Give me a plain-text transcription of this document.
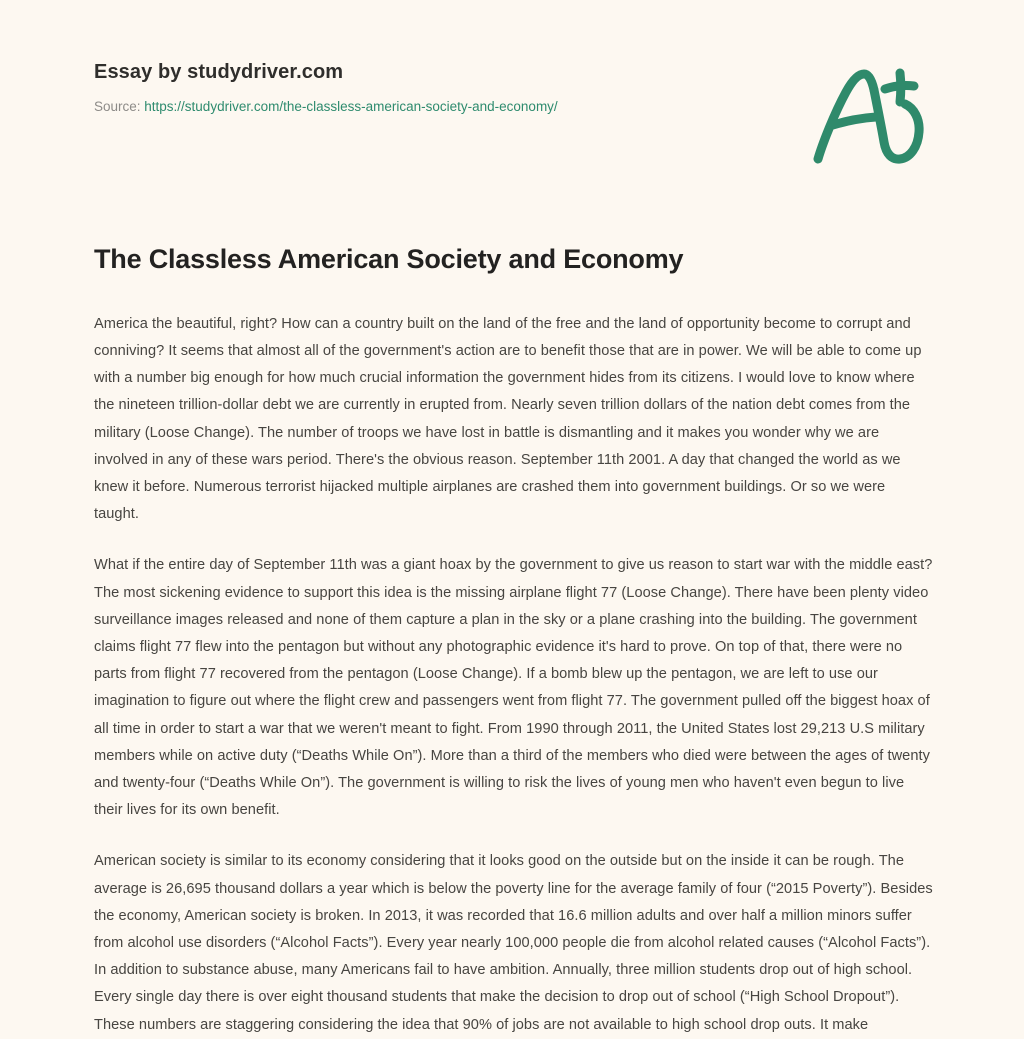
Essay by studydriver.com
Source: https://studydriver.com/the-classless-american-society-and-economy/
The Classless American Society and Economy

America the beautiful, right? How can a country built on the land of the free and the land of opportunity become to corrupt and conniving? It seems that almost all of the government's action are to benefit those that are in power. We will be able to come up with a number big enough for how much crucial information the government hides from its citizens. I would love to know where the nineteen trillion-dollar debt we are currently in erupted from. Nearly seven trillion dollars of the nation debt comes from the military (Loose Change). The number of troops we have lost in battle is dismantling and it makes you wonder why we are involved in any of these wars period. There's the obvious reason. September 11th 2001. A day that changed the world as we knew it before. Numerous terrorist hijacked multiple airplanes are crashed them into government buildings. Or so we were taught.

What if the entire day of September 11th was a giant hoax by the government to give us reason to start war with the middle east? The most sickening evidence to support this idea is the missing airplane flight 77 (Loose Change). There have been plenty video surveillance images released and none of them capture a plan in the sky or a plane crashing into the building. The government claims flight 77 flew into the pentagon but without any photographic evidence it's hard to prove. On top of that, there were no parts from flight 77 recovered from the pentagon (Loose Change). If a bomb blew up the pentagon, we are left to use our imagination to figure out where the flight crew and passengers went from flight 77. The government pulled off the biggest hoax of all time in order to start a war that we weren't meant to fight. From 1990 through 2011, the United States lost 29,213 U.S military members while on active duty (“Deaths While On”). More than a third of the members who died were between the ages of twenty and twenty-four (“Deaths While On”). The government is willing to risk the lives of young men who haven't even begun to live their lives for its own benefit.

American society is similar to its economy considering that it looks good on the outside but on the inside it can be rough. The average is 26,695 thousand dollars a year which is below the poverty line for the average family of four (“2015 Poverty”). Besides the economy, American society is broken. In 2013, it was recorded that 16.6 million adults and over half a million minors suffer from alcohol use disorders (“Alcohol Facts”). Every year nearly 100,000 people die from alcohol related causes (“Alcohol Facts”). In addition to substance abuse, many Americans fail to have ambition. Annually, three million students drop out of high school. Every single day there is over eight thousand students that make the decision to drop out of school (“High School Dropout”). These numbers are staggering considering the idea that 90% of jobs are not available to high school drop outs. It make
